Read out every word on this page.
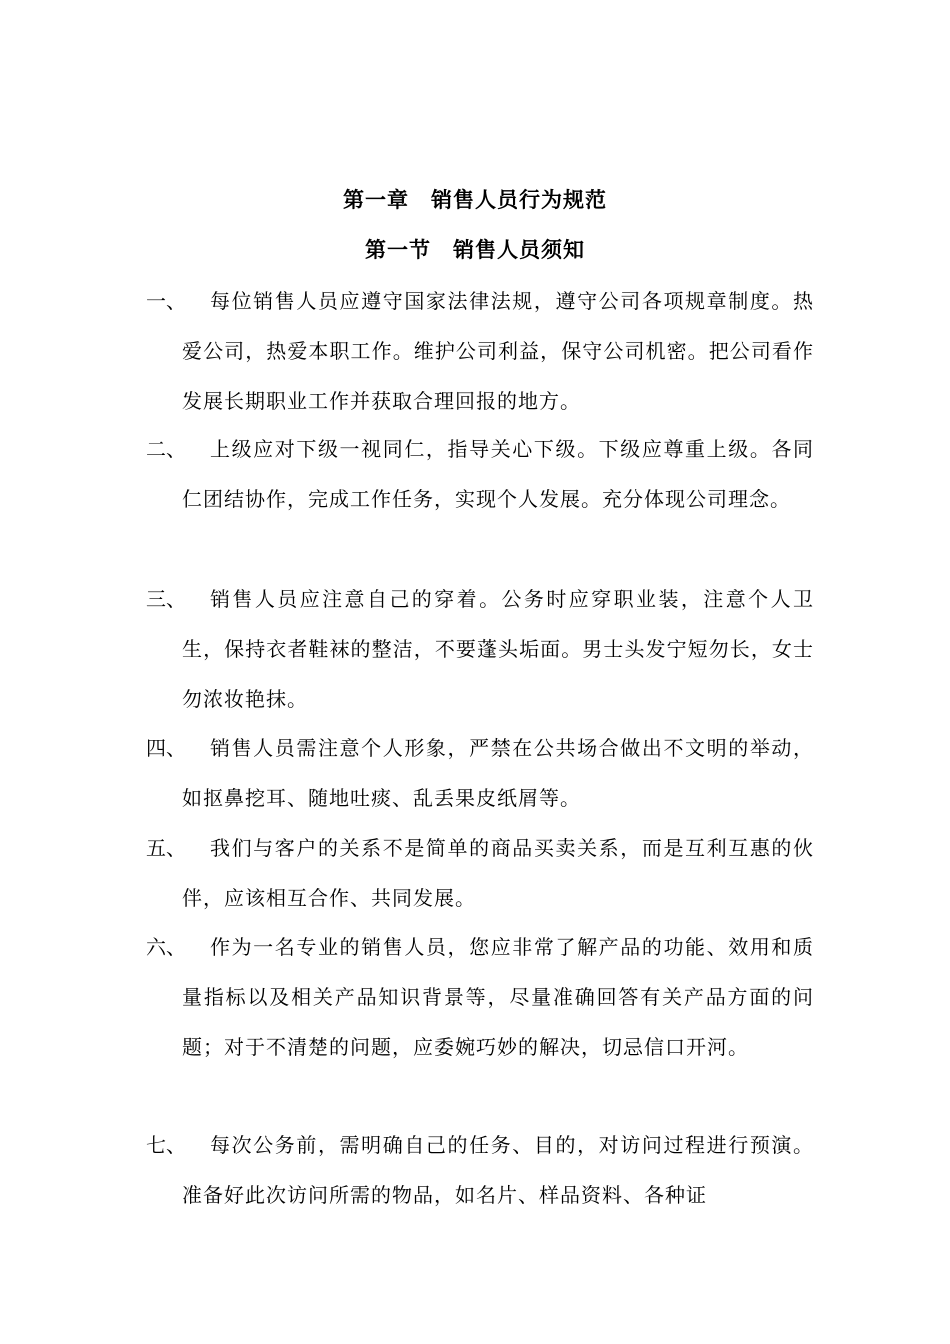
第一章　销售人员行为规范
第一节　销售人员须知
一、	每位销售人员应遵守国家法律法规，遵守公司各项规章制度。热爱公司，热爱本职工作。维护公司利益，保守公司机密。把公司看作发展长期职业工作并获取合理回报的地方。
二、	上级应对下级一视同仁，指导关心下级。下级应尊重上级。各同仁团结协作，完成工作任务，实现个人发展。充分体现公司理念。
三、	销售人员应注意自己的穿着。公务时应穿职业装，注意个人卫生，保持衣者鞋袜的整洁，不要蓬头垢面。男士头发宁短勿长，女士勿浓妆艳抹。
四、	销售人员需注意个人形象，严禁在公共场合做出不文明的举动，如抠鼻挖耳、随地吐痰、乱丢果皮纸屑等。
五、	我们与客户的关系不是简单的商品买卖关系，而是互利互惠的伙伴，应该相互合作、共同发展。
六、	作为一名专业的销售人员，您应非常了解产品的功能、效用和质量指标以及相关产品知识背景等，尽量准确回答有关产品方面的问题；对于不清楚的问题，应委婉巧妙的解决，切忌信口开河。
七、	每次公务前，需明确自己的任务、目的，对访问过程进行预演。准备好此次访问所需的物品，如名片、样品资料、各种证
